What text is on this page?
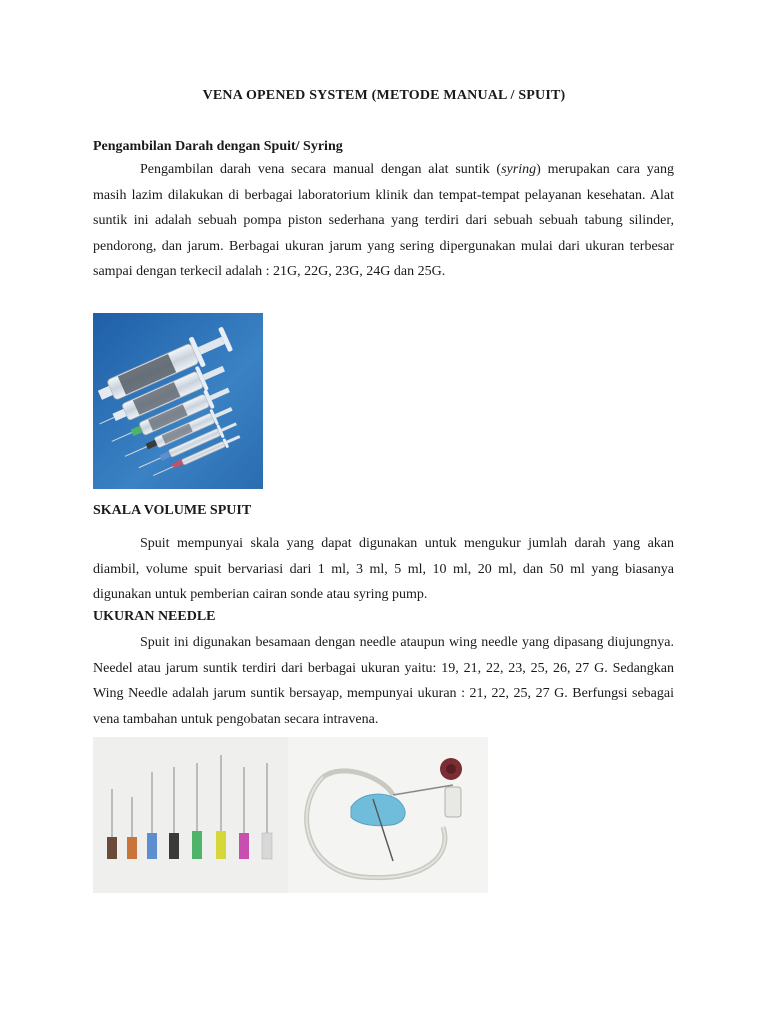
VENA OPENED SYSTEM (METODE MANUAL / SPUIT)
Pengambilan Darah dengan Spuit/ Syring

Pengambilan darah vena secara manual dengan alat suntik (syring) merupakan cara yang masih lazim dilakukan di berbagai laboratorium klinik dan tempat-tempat pelayanan kesehatan. Alat suntik ini adalah sebuah pompa piston sederhana yang terdiri dari sebuah sebuah tabung silinder, pendorong, dan jarum. Berbagai ukuran jarum yang sering dipergunakan mulai dari ukuran terbesar sampai dengan terkecil adalah : 21G, 22G, 23G, 24G dan 25G.

SKALA VOLUME SPUIT

Spuit mempunyai skala yang dapat digunakan untuk mengukur jumlah darah yang akan diambil, volume spuit bervariasi dari 1 ml, 3 ml, 5 ml, 10 ml, 20 ml, dan 50 ml yang biasanya digunakan untuk pemberian cairan sonde atau syring pump.

UKURAN NEEDLE

Spuit ini digunakan besamaan dengan needle ataupun wing needle yang dipasang diujungnya. Needel atau jarum suntik terdiri dari berbagai ukuran yaitu: 19, 21, 22, 23, 25, 26, 27 G. Sedangkan Wing Needle adalah jarum suntik bersayap, mempunyai ukuran : 21, 22, 25, 27 G. Berfungsi sebagai vena tambahan untuk pengobatan secara intravena.
